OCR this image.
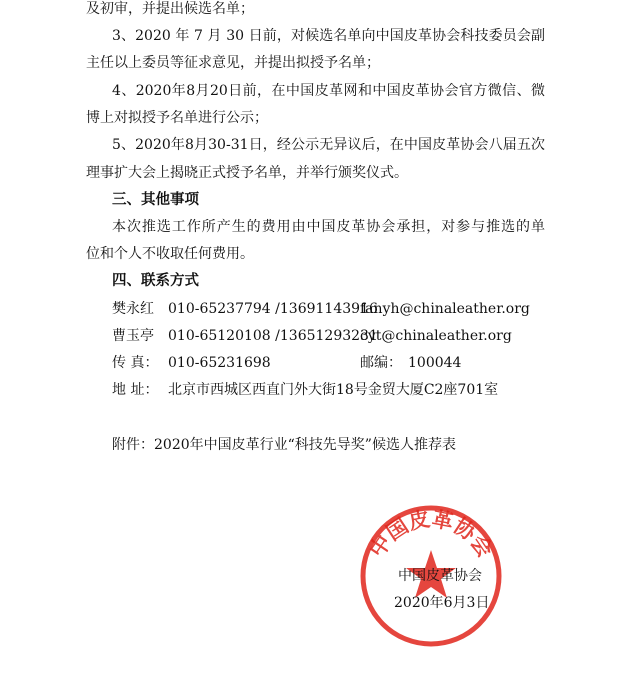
及初审，并提出候选名单；
3、2020 年 7 月 30 日前，对候选名单向中国皮革协会科技委员会副
主任以上委员等征求意见，并提出拟授予名单；
4、2020年8月20日前，在中国皮革网和中国皮革协会官方微信、微
博上对拟授予名单进行公示；
5、2020年8月30-31日，经公示无异议后，在中国皮革协会八届五次
理事扩大会上揭晓正式授予名单，并举行颁奖仪式。
三、其他事项
本次推选工作所产生的费用由中国皮革协会承担，对参与推选的单
位和个人不收取任何费用。
四、联系方式
樊永红 010-65237794 /13691143916
fanyh@chinaleather.org
曹玉亭 010-65120108 /13651293231
cyt@chinaleather.org
传 真： 010-65231698	邮编： 100044
地 址： 北京市西城区西直门外大街18号金贸大厦C2座701室
附件：2020年中国皮革行业“科技先导奖”候选人推荐表
中国皮革协会
中国皮革协会
2020年6月3日
